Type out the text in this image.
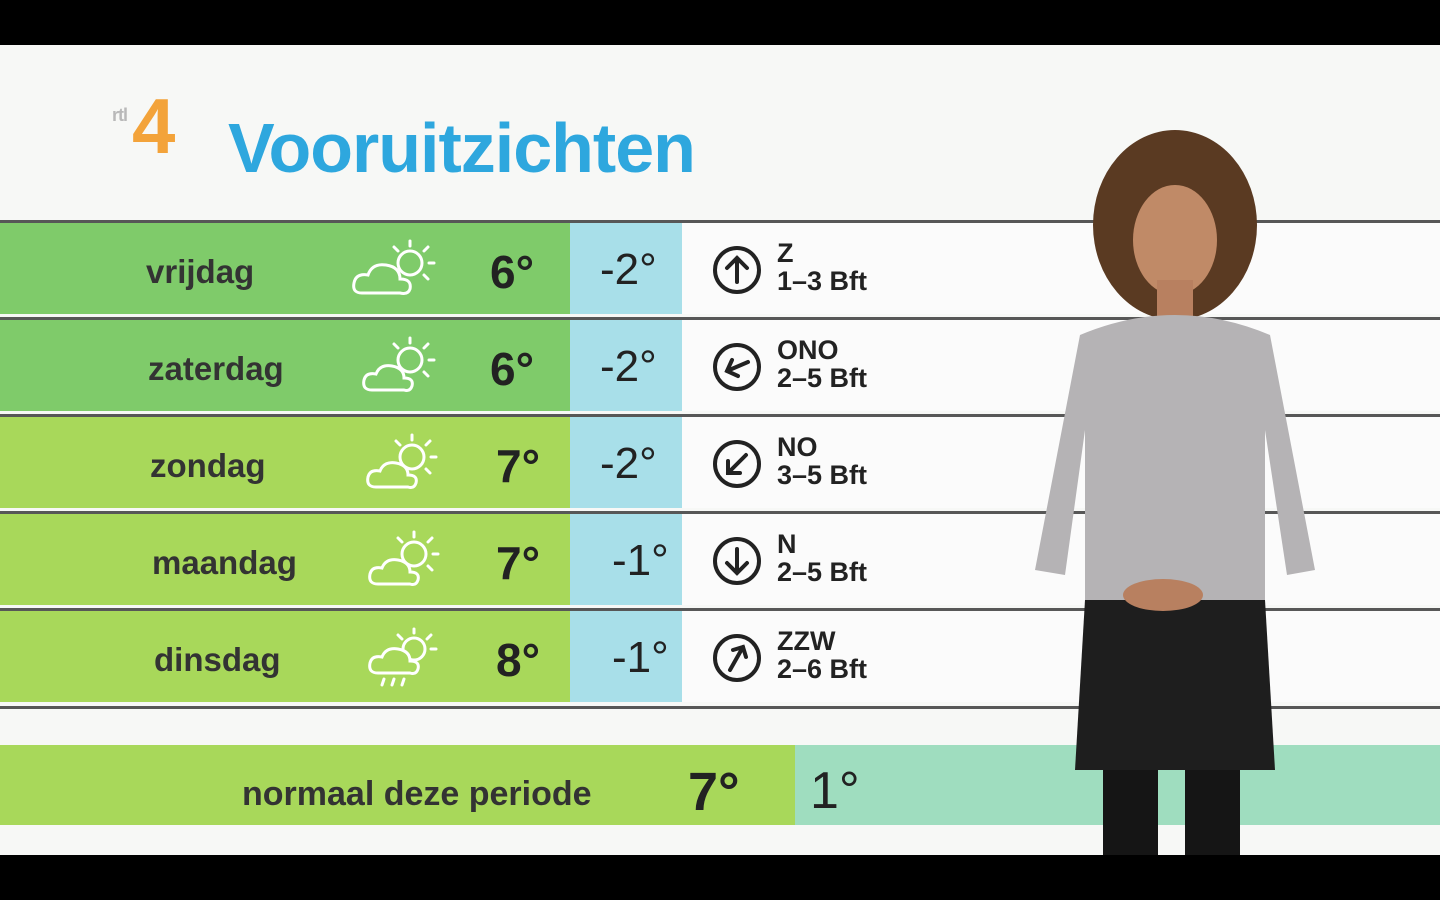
rtl 4 Vooruitzichten
vrijdag	6° -2°	Z
1–3 Bft
zaterdag	6° -2°	ONO
2–5 Bft
zondag	7° -2°	NO
3–5 Bft
maandag	7° -1°	N
2–5 Bft
dinsdag	8° -1°	ZZW
2–6 Bft
normaal deze periode 7° 1°
